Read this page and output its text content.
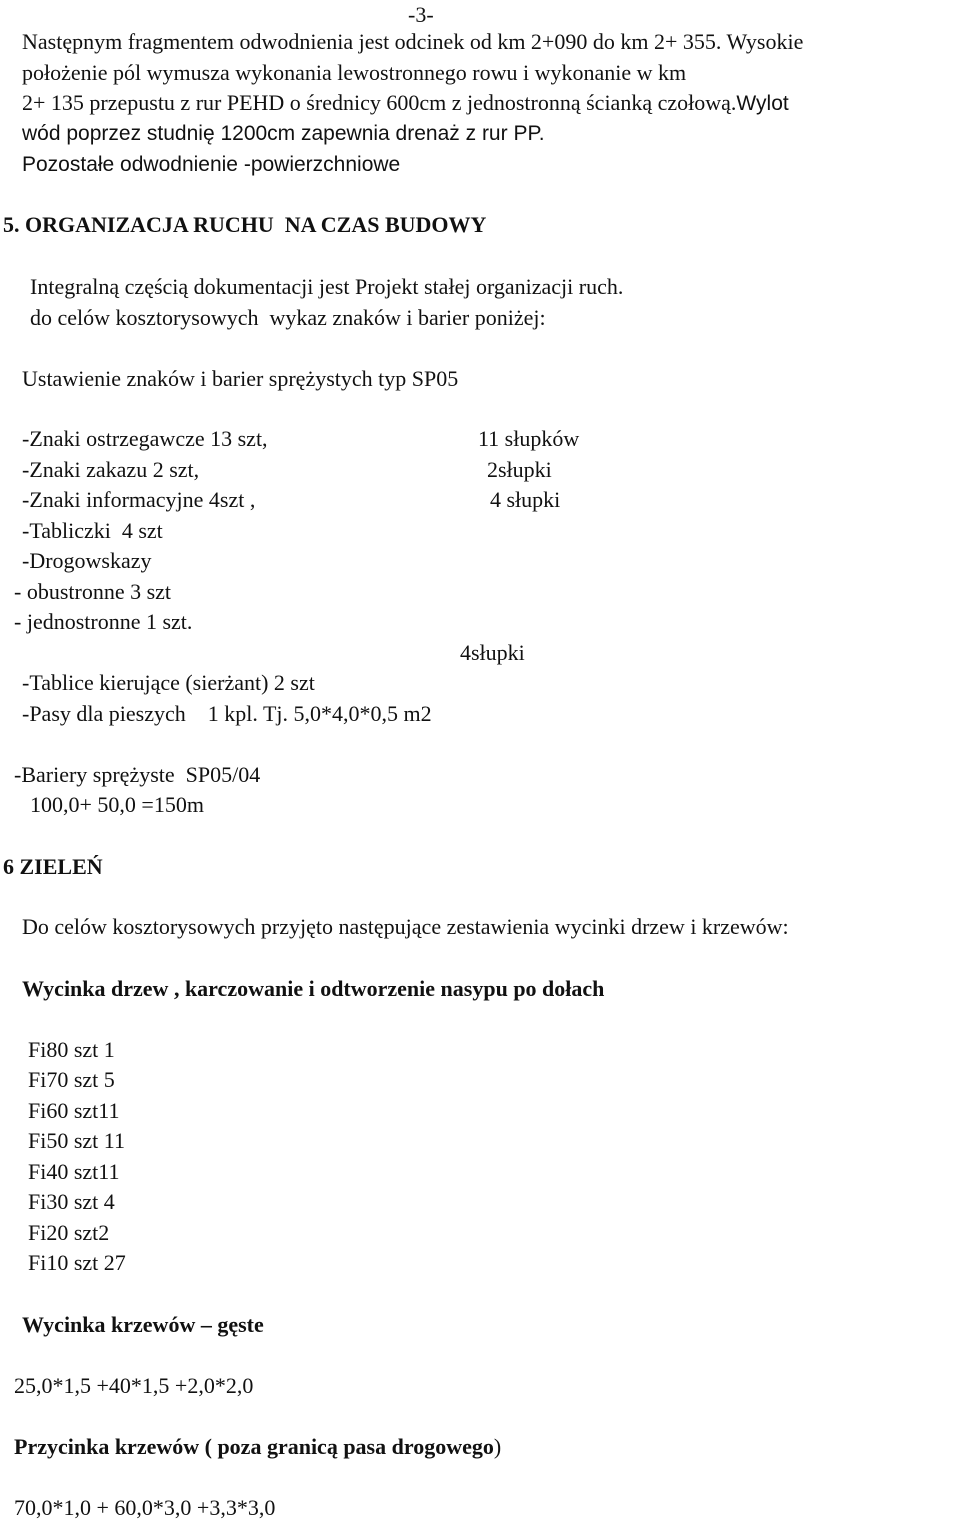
-3-
Następnym fragmentem odwodnienia jest odcinek od km 2+090 do km 2+ 355. Wysokie
położenie pól wymusza wykonania lewostronnego rowu i wykonanie w km
2+ 135 przepustu z rur PEHD o średnicy 600cm z jednostronną ścianką czołową.Wylot
wód poprzez studnię 1200cm zapewnia drenaż z rur PP.
Pozostałe odwodnienie -powierzchniowe
5. ORGANIZACJA RUCHU  NA CZAS BUDOWY
Integralną częścią dokumentacji jest Projekt stałej organizacji ruch.
do celów kosztorysowych  wykaz znaków i barier poniżej:
Ustawienie znaków i barier sprężystych typ SP05
-Znaki ostrzegawcze 13 szt,	11 słupków
-Znaki zakazu 2 szt,	2słupki
-Znaki informacyjne 4szt ,	4 słupki
-Tabliczki  4 szt
-Drogowskazy
- obustronne 3 szt
- jednostronne 1 szt.
4słupki
-Tablice kierujące (sierżant) 2 szt
-Pasy dla pieszych    1 kpl. Tj. 5,0*4,0*0,5 m2
-Bariery sprężyste  SP05/04
100,0+ 50,0 =150m
6 ZIELEŃ
Do celów kosztorysowych przyjęto następujące zestawienia wycinki drzew i krzewów:
Wycinka drzew , karczowanie i odtworzenie nasypu po dołach
Fi80 szt 1
Fi70 szt 5
Fi60 szt11
Fi50 szt 11
Fi40 szt11
Fi30 szt 4
Fi20 szt2
Fi10 szt 27
Wycinka krzewów – gęste
25,0*1,5 +40*1,5 +2,0*2,0
Przycinka krzewów ( poza granicą pasa drogowego)
70,0*1,0 + 60,0*3,0 +3,3*3,0
